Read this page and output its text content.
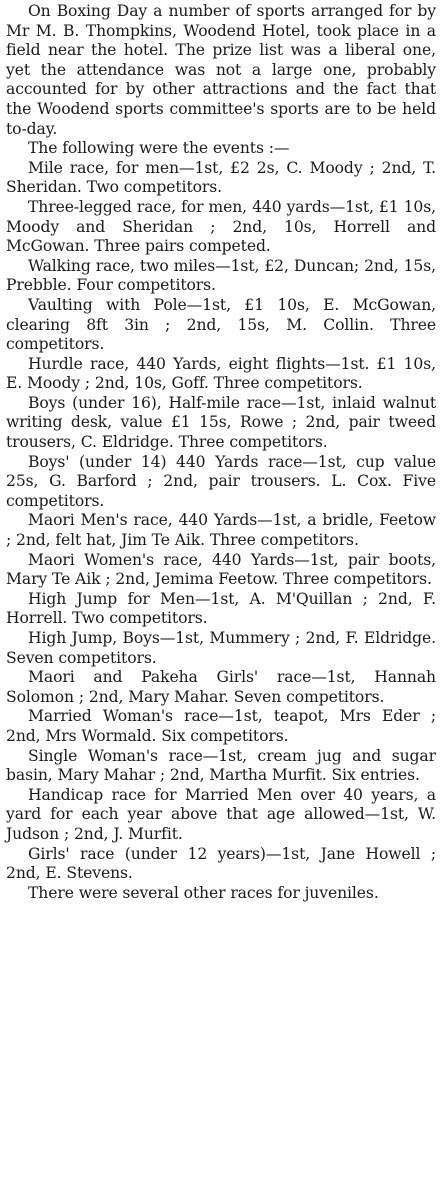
On Boxing Day a number of sports arranged for by Mr M. B. Thompkins, Woodend Hotel, took place in a field near the hotel. The prize list was a liberal one, yet the attendance was not a large one, probably accounted for by other attractions and the fact that the Woodend sports committee's sports are to be held to-day.

The following were the events :—

Mile race, for men—1st, £2 2s, C. Moody ; 2nd, T. Sheridan. Two competitors.

Three-legged race, for men, 440 yards—1st, £1 10s, Moody and Sheridan ; 2nd, 10s, Horrell and McGowan. Three pairs competed.

Walking race, two miles—1st, £2, Duncan; 2nd, 15s, Prebble. Four competitors.

Vaulting with Pole—1st, £1 10s, E. McGowan, clearing 8ft 3in ; 2nd, 15s, M. Collin. Three competitors.

Hurdle race, 440 Yards, eight flights—1st. £1 10s, E. Moody ; 2nd, 10s, Goff. Three competitors.

Boys (under 16), Half-mile race—1st, inlaid walnut writing desk, value £1 15s, Rowe ; 2nd, pair tweed trousers, C. Eldridge. Three competitors.

Boys' (under 14) 440 Yards race—1st, cup value 25s, G. Barford ; 2nd, pair trousers. L. Cox. Five competitors.

Maori Men's race, 440 Yards—1st, a bridle, Feetow ; 2nd, felt hat, Jim Te Aik. Three competitors.

Maori Women's race, 440 Yards—1st, pair boots, Mary Te Aik ; 2nd, Jemima Feetow. Three competitors.

High Jump for Men—1st, A. M'Quillan ; 2nd, F. Horrell. Two competitors.

High Jump, Boys—1st, Mummery ; 2nd, F. Eldridge. Seven competitors.

Maori and Pakeha Girls' race—1st, Hannah Solomon ; 2nd, Mary Mahar. Seven competitors.

Married Woman's race—1st, teapot, Mrs Eder ; 2nd, Mrs Wormald. Six competitors.

Single Woman's race—1st, cream jug and sugar basin, Mary Mahar ; 2nd, Martha Murfit. Six entries.

Handicap race for Married Men over 40 years, a yard for each year above that age allowed—1st, W. Judson ; 2nd, J. Murfit.

Girls' race (under 12 years)—1st, Jane Howell ; 2nd, E. Stevens.

There were several other races for juveniles.
